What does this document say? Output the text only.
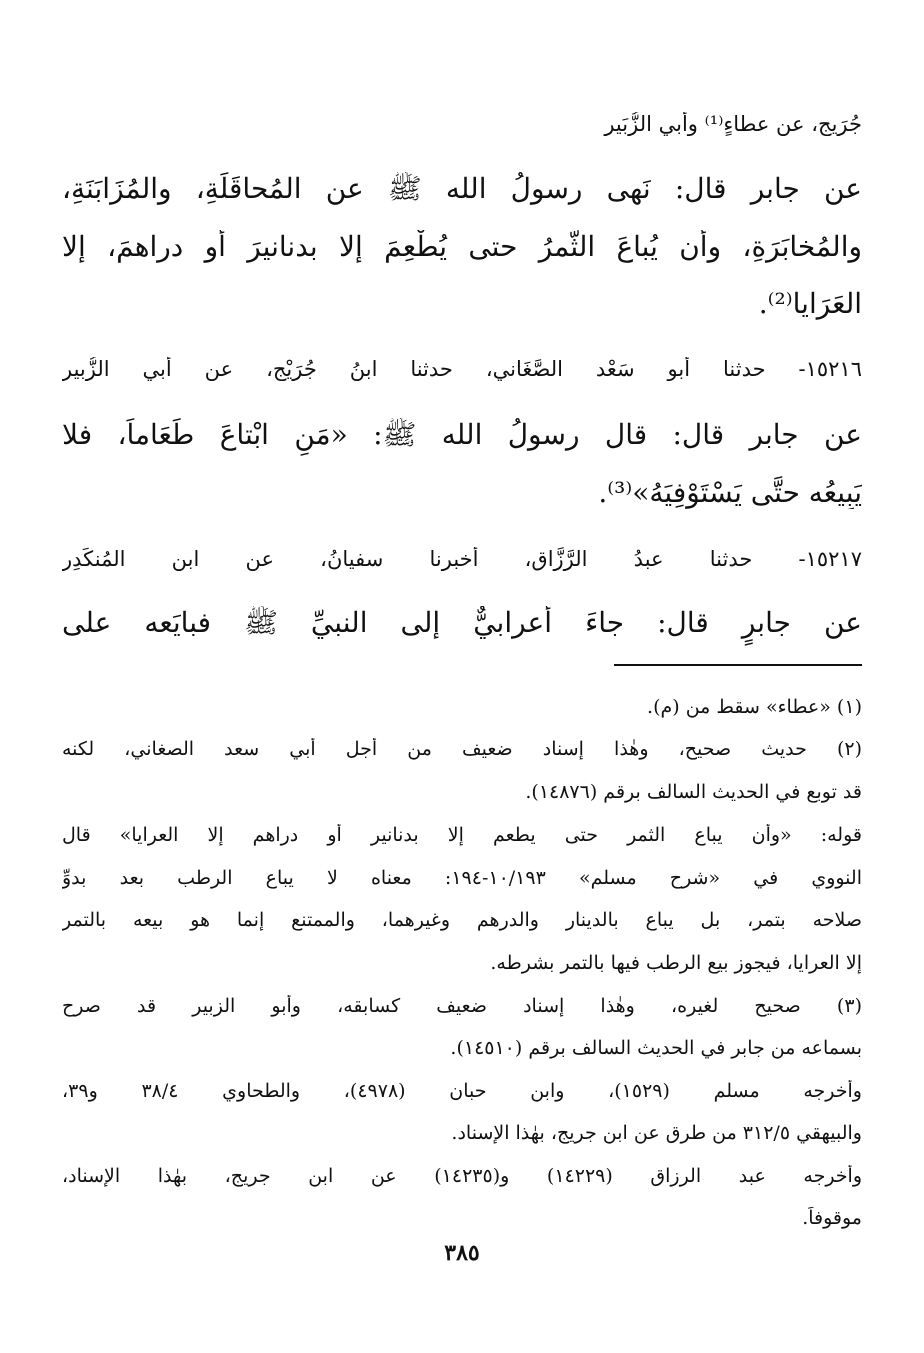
جُرَيج، عن عطاءٍ⁽¹⁾ وأبي الزُّبَير
عن جابر قال: نَهى رسولُ الله ﷺ عن المُحاقَلَةِ، والمُزَابَنَةِ،
والمُخابَرَةِ، وأن يُباعَ الثَّمرُ حتى يُطْعِمَ إلا بدنانيرَ أو دراهمَ، إلا
العَرَايا⁽²⁾.
١٥٢١٦- حدثنا أبو سَعْد الصَّغَاني، حدثنا ابنُ جُرَيْج، عن أبي الزُّبير
عن جابر قال: قال رسولُ الله ﷺ: «مَنِ ابْتاعَ طَعَاماً، فلا
يَبِيعُه حتَّى يَسْتَوْفِيَهُ»⁽³⁾.
١٥٢١٧- حدثنا عبدُ الرَّزَّاق، أخبرنا سفيانُ، عن ابن المُنكَدِر
عن جابرٍ قال: جاءَ أعرابيٌّ إلى النبيِّ ﷺ فبايَعه على
(١) «عطاء» سقط من (م).
(٢) حديث صحيح، وهٰذا إسناد ضعيف من أجل أبي سعد الصغاني، لكنه
قد توبع في الحديث السالف برقم (١٤٨٧٦).
قوله: «وأن يباع الثمر حتى يطعم إلا بدنانير أو دراهم إلا العرايا» قال
النووي في «شرح مسلم» ١٠/١٩٣-١٩٤: معناه لا يباع الرطب بعد بدوِّ
صلاحه بتمر، بل يباع بالدينار والدرهم وغيرهما، والممتنع إنما هو بيعه بالتمر
إلا العرايا، فيجوز بيع الرطب فيها بالتمر بشرطه.
(٣) صحيح لغيره، وهٰذا إسناد ضعيف كسابقه، وأبو الزبير قد صرح
بسماعه من جابر في الحديث السالف برقم (١٤٥١٠).
وأخرجه مسلم (١٥٢٩)، وابن حبان (٤٩٧٨)، والطحاوي ٣٨/٤ و٣٩،
والبيهقي ٣١٢/٥ من طرق عن ابن جريج، بهٰذا الإسناد.
وأخرجه عبد الرزاق (١٤٢٢٩) و(١٤٢٣٥) عن ابن جريج، بهٰذا الإسناد،
موقوفاً.
٣٨٥
